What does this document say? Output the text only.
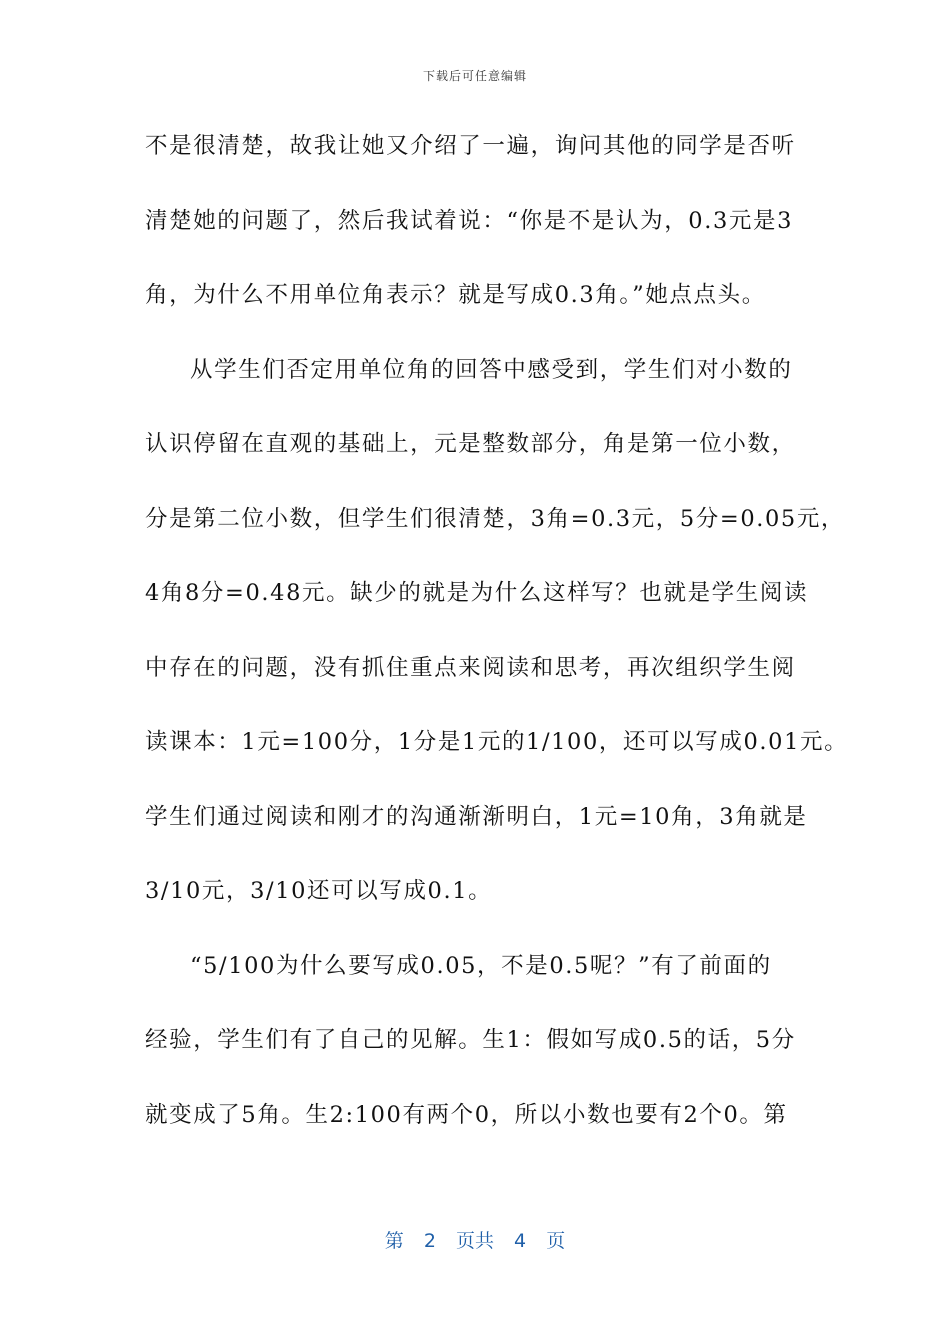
下载后可任意编辑
不是很清楚，故我让她又介绍了一遍，询问其他的同学是否听
清楚她的问题了，然后我试着说：“你是不是认为，0.3元是3
角，为什么不用单位角表示？就是写成0.3角。”她点点头。
从学生们否定用单位角的回答中感受到，学生们对小数的
认识停留在直观的基础上，元是整数部分，角是第一位小数，
分是第二位小数，但学生们很清楚，3角=0.3元，5分=0.05元，
4角8分=0.48元。缺少的就是为什么这样写？也就是学生阅读
中存在的问题，没有抓住重点来阅读和思考，再次组织学生阅
读课本：1元=100分，1分是1元的1/100，还可以写成0.01元。
学生们通过阅读和刚才的沟通渐渐明白，1元=10角，3角就是
3/10元，3/10还可以写成0.1。
“5/100为什么要写成0.05，不是0.5呢？”有了前面的
经验，学生们有了自己的见解。生1：假如写成0.5的话，5分
就变成了5角。生2:100有两个0，所以小数也要有2个0。第
第 2 页共 4 页
